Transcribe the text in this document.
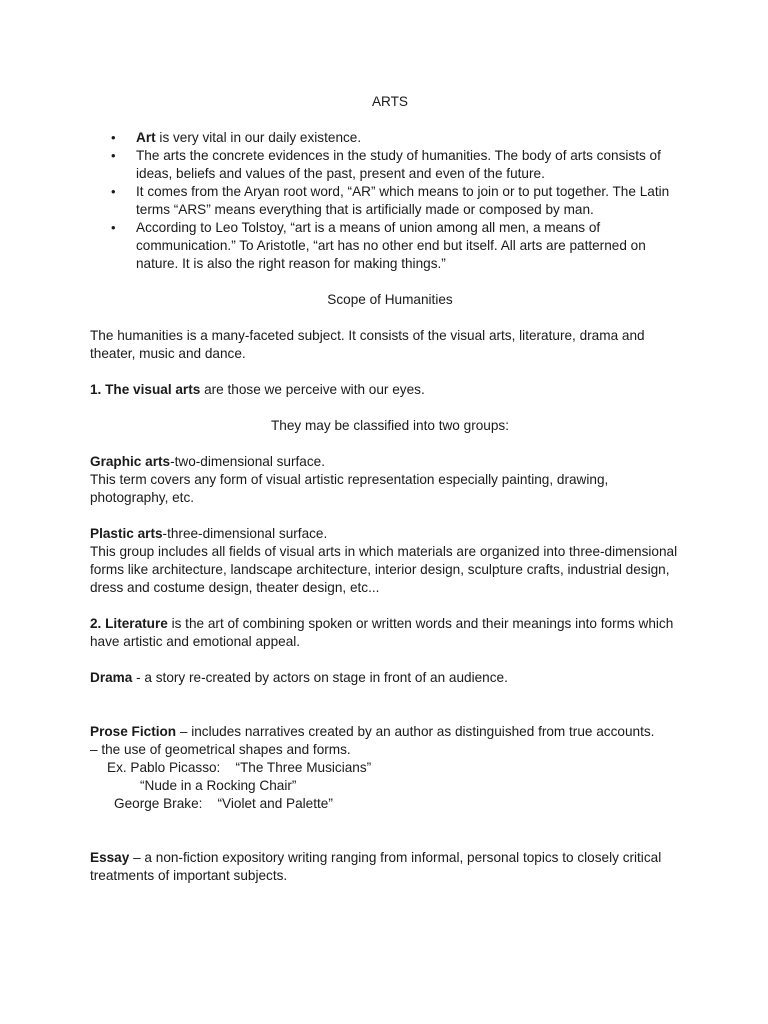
ARTS

• Art is very vital in our daily existence.
• The arts the concrete evidences in the study of humanities. The body of arts consists of ideas, beliefs and values of the past, present and even of the future.
• It comes from the Aryan root word, “AR” which means to join or to put together. The Latin terms “ARS” means everything that is artificially made or composed by man.
• According to Leo Tolstoy, “art is a means of union among all men, a means of communication.” To Aristotle, “art has no other end but itself. All arts are patterned on nature. It is also the right reason for making things.”

Scope of Humanities

The humanities is a many-faceted subject. It consists of the visual arts, literature, drama and theater, music and dance.

1. The visual arts are those we perceive with our eyes.

They may be classified into two groups:

Graphic arts-two-dimensional surface.

This term covers any form of visual artistic representation especially painting, drawing, photography, etc.

Plastic arts-three-dimensional surface.

This group includes all fields of visual arts in which materials are organized into three-dimensional forms like architecture, landscape architecture, interior design, sculpture crafts, industrial design, dress and costume design, theater design, etc...

2. Literature is the art of combining spoken or written words and their meanings into forms which have artistic and emotional appeal.

Drama - a story re-created by actors on stage in front of an audience.

Prose Fiction – includes narratives created by an author as distinguished from true accounts.

– the use of geometrical shapes and forms.

Ex. Pablo Picasso:    “The Three Musicians”

“Nude in a Rocking Chair”

George Brake:    “Violet and Palette”

Essay – a non-fiction expository writing ranging from informal, personal topics to closely critical treatments of important subjects.
